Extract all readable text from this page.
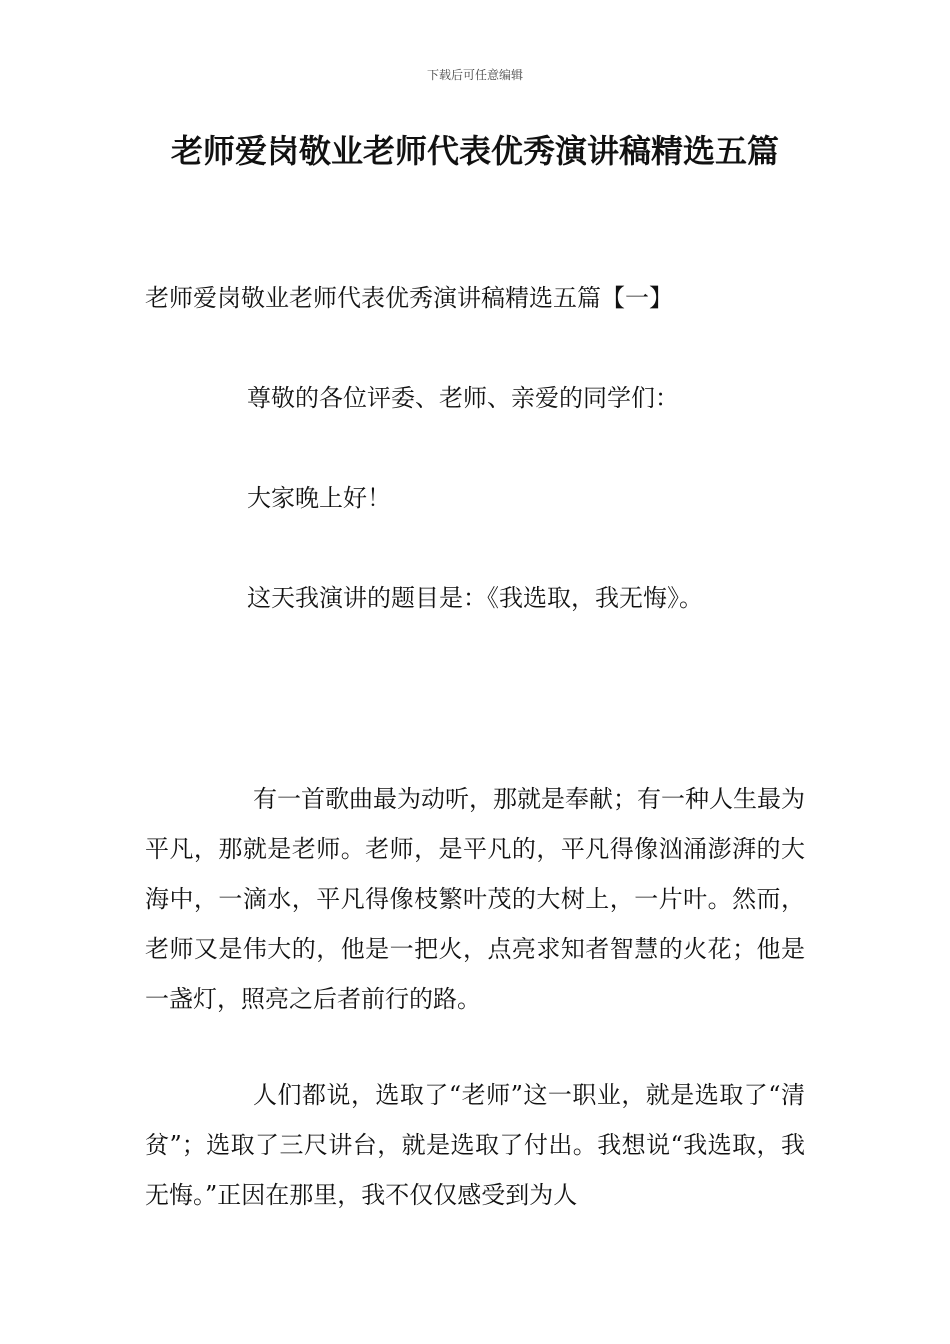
下载后可任意编辑
老师爱岗敬业老师代表优秀演讲稿精选五篇

老师爱岗敬业老师代表优秀演讲稿精选五篇【一】

尊敬的各位评委、老师、亲爱的同学们：

大家晚上好！

这天我演讲的题目是：《我选取，我无悔》。

有一首歌曲最为动听，那就是奉献；有一种人生最为平凡，那就是老师。老师，是平凡的，平凡得像汹涌澎湃的大海中，一滴水，平凡得像枝繁叶茂的大树上，一片叶。然而，老师又是伟大的，他是一把火，点亮求知者智慧的火花；他是一盏灯，照亮之后者前行的路。

人们都说，选取了“老师”这一职业，就是选取了“清贫”；选取了三尺讲台，就是选取了付出。我想说“我选取，我无悔。”正因在那里，我不仅仅感受到为人
